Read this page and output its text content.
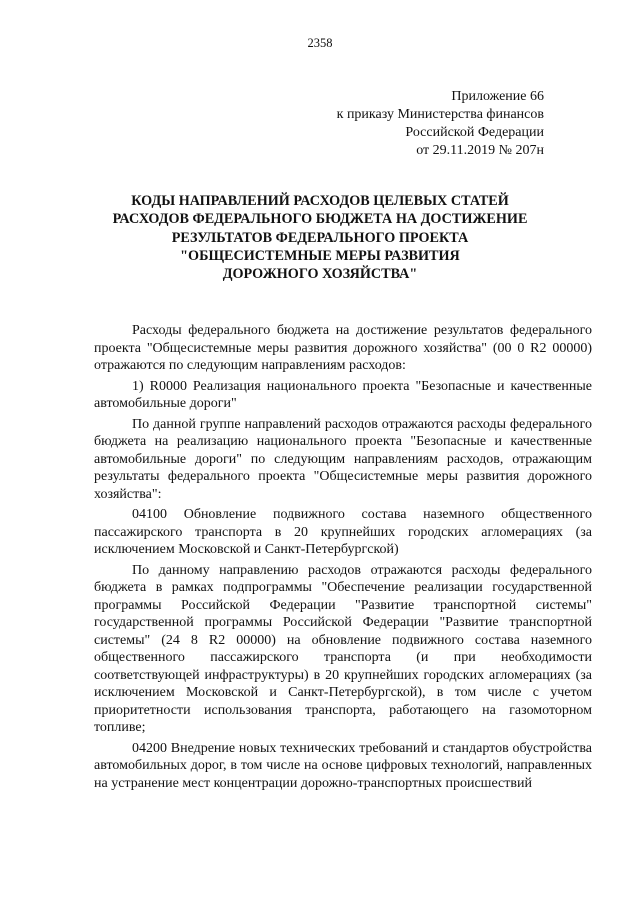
2358
Приложение 66
к приказу Министерства финансов
Российской Федерации
от 29.11.2019 № 207н
КОДЫ НАПРАВЛЕНИЙ РАСХОДОВ ЦЕЛЕВЫХ СТАТЕЙ
РАСХОДОВ ФЕДЕРАЛЬНОГО БЮДЖЕТА НА ДОСТИЖЕНИЕ
РЕЗУЛЬТАТОВ ФЕДЕРАЛЬНОГО ПРОЕКТА
"ОБЩЕСИСТЕМНЫЕ МЕРЫ РАЗВИТИЯ
ДОРОЖНОГО ХОЗЯЙСТВА"

Расходы федерального бюджета на достижение результатов федерального проекта "Общесистемные меры развития дорожного хозяйства" (00 0 R2 00000) отражаются по следующим направлениям расходов:

1) R0000 Реализация национального проекта "Безопасные и качественные автомобильные дороги"

По данной группе направлений расходов отражаются расходы федерального бюджета на реализацию национального проекта "Безопасные и качественные автомобильные дороги" по следующим направлениям расходов, отражающим результаты федерального проекта "Общесистемные меры развития дорожного хозяйства":

04100 Обновление подвижного состава наземного общественного пассажирского транспорта в 20 крупнейших городских агломерациях (за исключением Московской и Санкт-Петербургской)

По данному направлению расходов отражаются расходы федерального бюджета в рамках подпрограммы "Обеспечение реализации государственной программы Российской Федерации "Развитие транспортной системы" государственной программы Российской Федерации "Развитие транспортной системы" (24 8 R2 00000) на обновление подвижного состава наземного общественного пассажирского транспорта (и при необходимости соответствующей инфраструктуры) в 20 крупнейших городских агломерациях (за исключением Московской и Санкт-Петербургской), в том числе с учетом приоритетности использования транспорта, работающего на газомоторном топливе;

04200 Внедрение новых технических требований и стандартов обустройства автомобильных дорог, в том числе на основе цифровых технологий, направленных на устранение мест концентрации дорожно-транспортных происшествий
